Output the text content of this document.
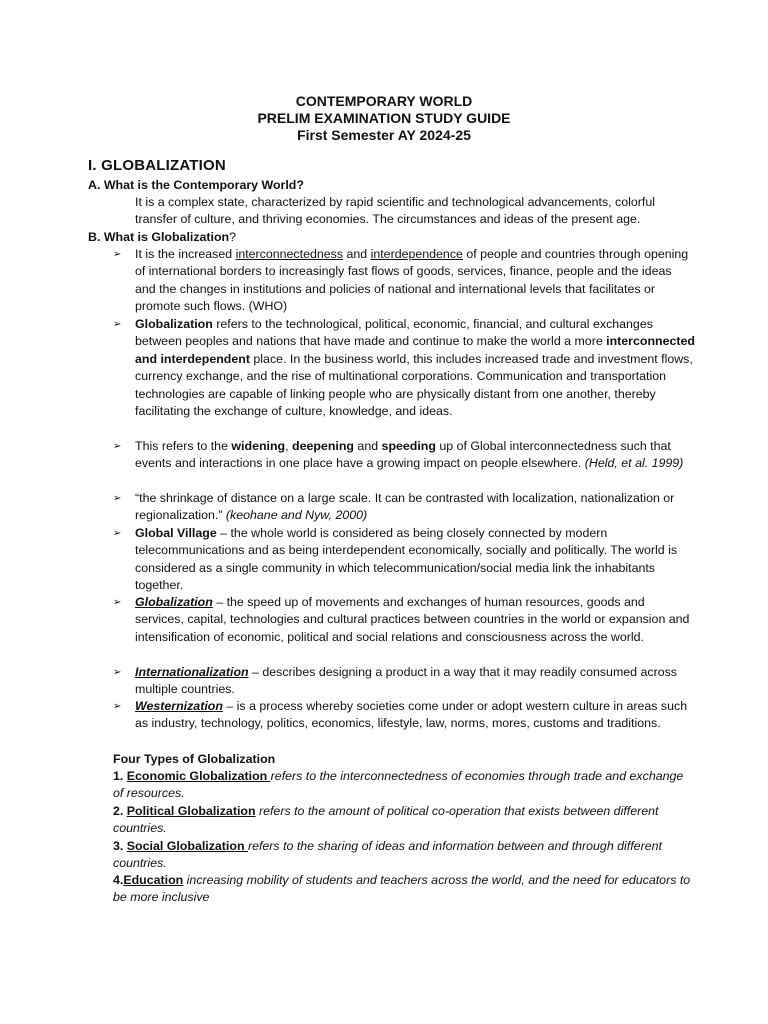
CONTEMPORARY WORLD
PRELIM EXAMINATION STUDY GUIDE
First Semester AY 2024-25
I. GLOBALIZATION
A. What is the Contemporary World?
It is a complex state, characterized by rapid scientific and technological advancements, colorful transfer of culture, and thriving economies. The circumstances and ideas of the present age.
B. What is Globalization?
➢ It is the increased interconnectedness and interdependence of people and countries through opening of international borders to increasingly fast flows of goods, services, finance, people and the ideas and the changes in institutions and policies of national and international levels that facilitates or promote such flows. (WHO)
➢ Globalization refers to the technological, political, economic, financial, and cultural exchanges between peoples and nations that have made and continue to make the world a more interconnected and interdependent place. In the business world, this includes increased trade and investment flows, currency exchange, and the rise of multinational corporations. Communication and transportation technologies are capable of linking people who are physically distant from one another, thereby facilitating the exchange of culture, knowledge, and ideas.
➢ This refers to the widening, deepening and speeding up of Global interconnectedness such that events and interactions in one place have a growing impact on people elsewhere. (Held, et al. 1999)
➢ “the shrinkage of distance on a large scale. It can be contrasted with localization, nationalization or regionalization.” (keohane and Nyw, 2000)
➢ Global Village – the whole world is considered as being closely connected by modern telecommunications and as being interdependent economically, socially and politically. The world is considered as a single community in which telecommunication/social media link the inhabitants together.
➢ Globalization – the speed up of movements and exchanges of human resources, goods and services, capital, technologies and cultural practices between countries in the world or expansion and intensification of economic, political and social relations and consciousness across the world.
➢ Internationalization – describes designing a product in a way that it may readily consumed across multiple countries.
➢ Westernization – is a process whereby societies come under or adopt western culture in areas such as industry, technology, politics, economics, lifestyle, law, norms, mores, customs and traditions.
Four Types of Globalization
1. Economic Globalization refers to the interconnectedness of economies through trade and exchange of resources.
2. Political Globalization refers to the amount of political co-operation that exists between different countries.
3. Social Globalization refers to the sharing of ideas and information between and through different countries.
4.Education increasing mobility of students and teachers across the world, and the need for educators to be more inclusive
